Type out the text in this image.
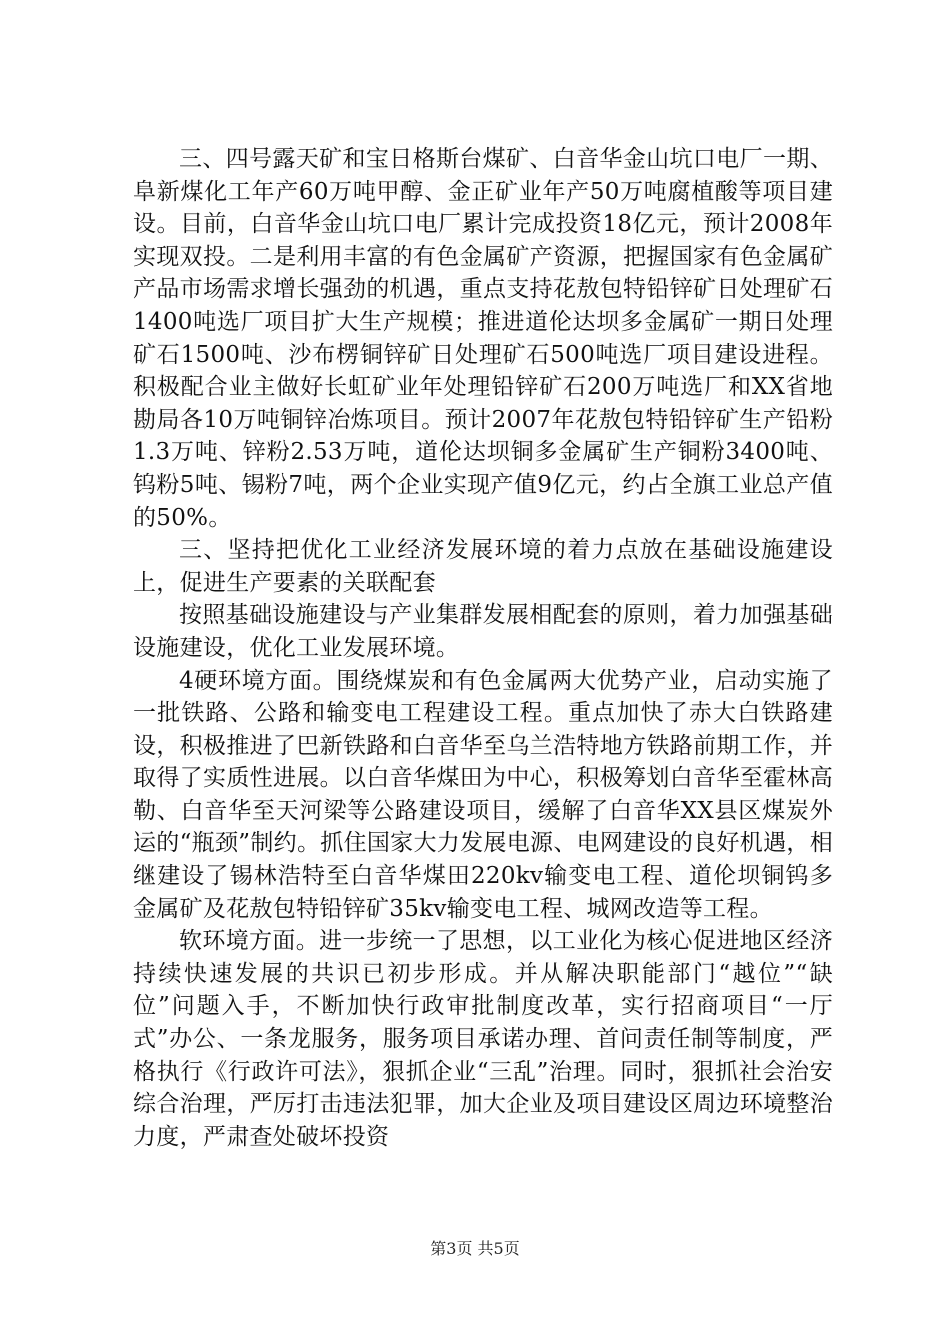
三、四号露天矿和宝日格斯台煤矿、白音华金山坑口电厂一期、阜新煤化工年产60万吨甲醇、金正矿业年产50万吨腐植酸等项目建设。目前，白音华金山坑口电厂累计完成投资18亿元，预计2008年实现双投。二是利用丰富的有色金属矿产资源，把握国家有色金属矿产品市场需求增长强劲的机遇，重点支持花敖包特铅锌矿日处理矿石1400吨选厂项目扩大生产规模；推进道伦达坝多金属矿一期日处理矿石1500吨、沙布楞铜锌矿日处理矿石500吨选厂项目建设进程。积极配合业主做好长虹矿业年处理铅锌矿石200万吨选厂和XX省地勘局各10万吨铜锌冶炼项目。预计2007年花敖包特铅锌矿生产铅粉1.3万吨、锌粉2.53万吨，道伦达坝铜多金属矿生产铜粉3400吨、钨粉5吨、锡粉7吨，两个企业实现产值9亿元，约占全旗工业总产值的50%。

三、坚持把优化工业经济发展环境的着力点放在基础设施建设上，促进生产要素的关联配套

按照基础设施建设与产业集群发展相配套的原则，着力加强基础设施建设，优化工业发展环境。

4硬环境方面。围绕煤炭和有色金属两大优势产业，启动实施了一批铁路、公路和输变电工程建设工程。重点加快了赤大白铁路建设，积极推进了巴新铁路和白音华至乌兰浩特地方铁路前期工作，并取得了实质性进展。以白音华煤田为中心，积极筹划白音华至霍林高勒、白音华至天河梁等公路建设项目，缓解了白音华XX县区煤炭外运的“瓶颈”制约。抓住国家大力发展电源、电网建设的良好机遇，相继建设了锡林浩特至白音华煤田220kv输变电工程、道伦坝铜钨多金属矿及花敖包特铅锌矿35kv输变电工程、城网改造等工程。

软环境方面。进一步统一了思想，以工业化为核心促进地区经济持续快速发展的共识已初步形成。并从解决职能部门“越位”“缺位”问题入手，不断加快行政审批制度改革，实行招商项目“一厅式”办公、一条龙服务，服务项目承诺办理、首问责任制等制度，严格执行《行政许可法》，狠抓企业“三乱”治理。同时，狠抓社会治安综合治理，严厉打击违法犯罪，加大企业及项目建设区周边环境整治力度，严肃查处破坏投资

第3页 共5页
